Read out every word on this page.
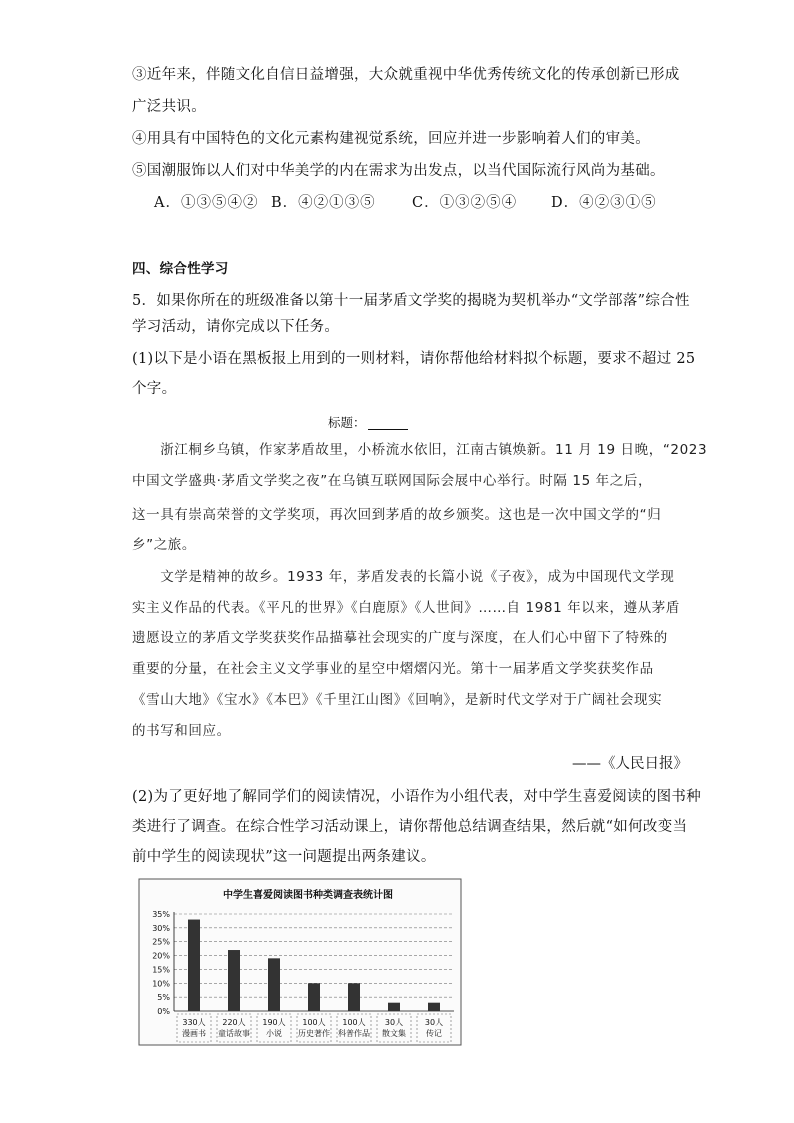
③近年来，伴随文化自信日益增强，大众就重视中华优秀传统文化的传承创新已形成
广泛共识。
④用具有中国特色的文化元素构建视觉系统，回应并进一步影响着人们的审美。
⑤国潮服饰以人们对中华美学的内在需求为出发点，以当代国际流行风尚为基础。
A．①③⑤④② B．④②①③⑤	C．①③②⑤④ D．④②③①⑤
四、综合性学习
5．如果你所在的班级准备以第十一届茅盾文学奖的揭晓为契机举办“文学部落”综合性
学习活动，请你完成以下任务。
(1)以下是小语在黑板报上用到的一则材料，请你帮他给材料拟个标题，要求不超过 25
个字。
标题：
　　浙江桐乡乌镇，作家茅盾故里，小桥流水依旧，江南古镇焕新。11 月 19 日晚，“2023
中国文学盛典·茅盾文学奖之夜”在乌镇互联网国际会展中心举行。时隔 15 年之后，
这一具有崇高荣誉的文学奖项，再次回到茅盾的故乡颁奖。这也是一次中国文学的“归
乡”之旅。
　　文学是精神的故乡。1933 年，茅盾发表的长篇小说《子夜》，成为中国现代文学现
实主义作品的代表。《平凡的世界》《白鹿原》《人世间》……自 1981 年以来，遵从茅盾
遗愿设立的茅盾文学奖获奖作品描摹社会现实的广度与深度，在人们心中留下了特殊的
重要的分量，在社会主义文学事业的星空中熠熠闪光。第十一届茅盾文学奖获奖作品
《雪山大地》《宝水》《本巴》《千里江山图》《回响》，是新时代文学对于广阔社会现实
的书写和回应。
——《人民日报》
(2)为了更好地了解同学们的阅读情况，小语作为小组代表，对中学生喜爱阅读的图书种
类进行了调查。在综合性学习活动课上，请你帮他总结调查结果，然后就“如何改变当
前中学生的阅读现状”这一问题提出两条建议。
中学生喜爱阅读图书种类调查表统计图
0%
5%
10%
15%
20%
25%
30%
35%
330人
漫画书
220人
童话故事
190人
小说
100人
历史著作
100人
科普作品
30人
散文集
30人
传记
